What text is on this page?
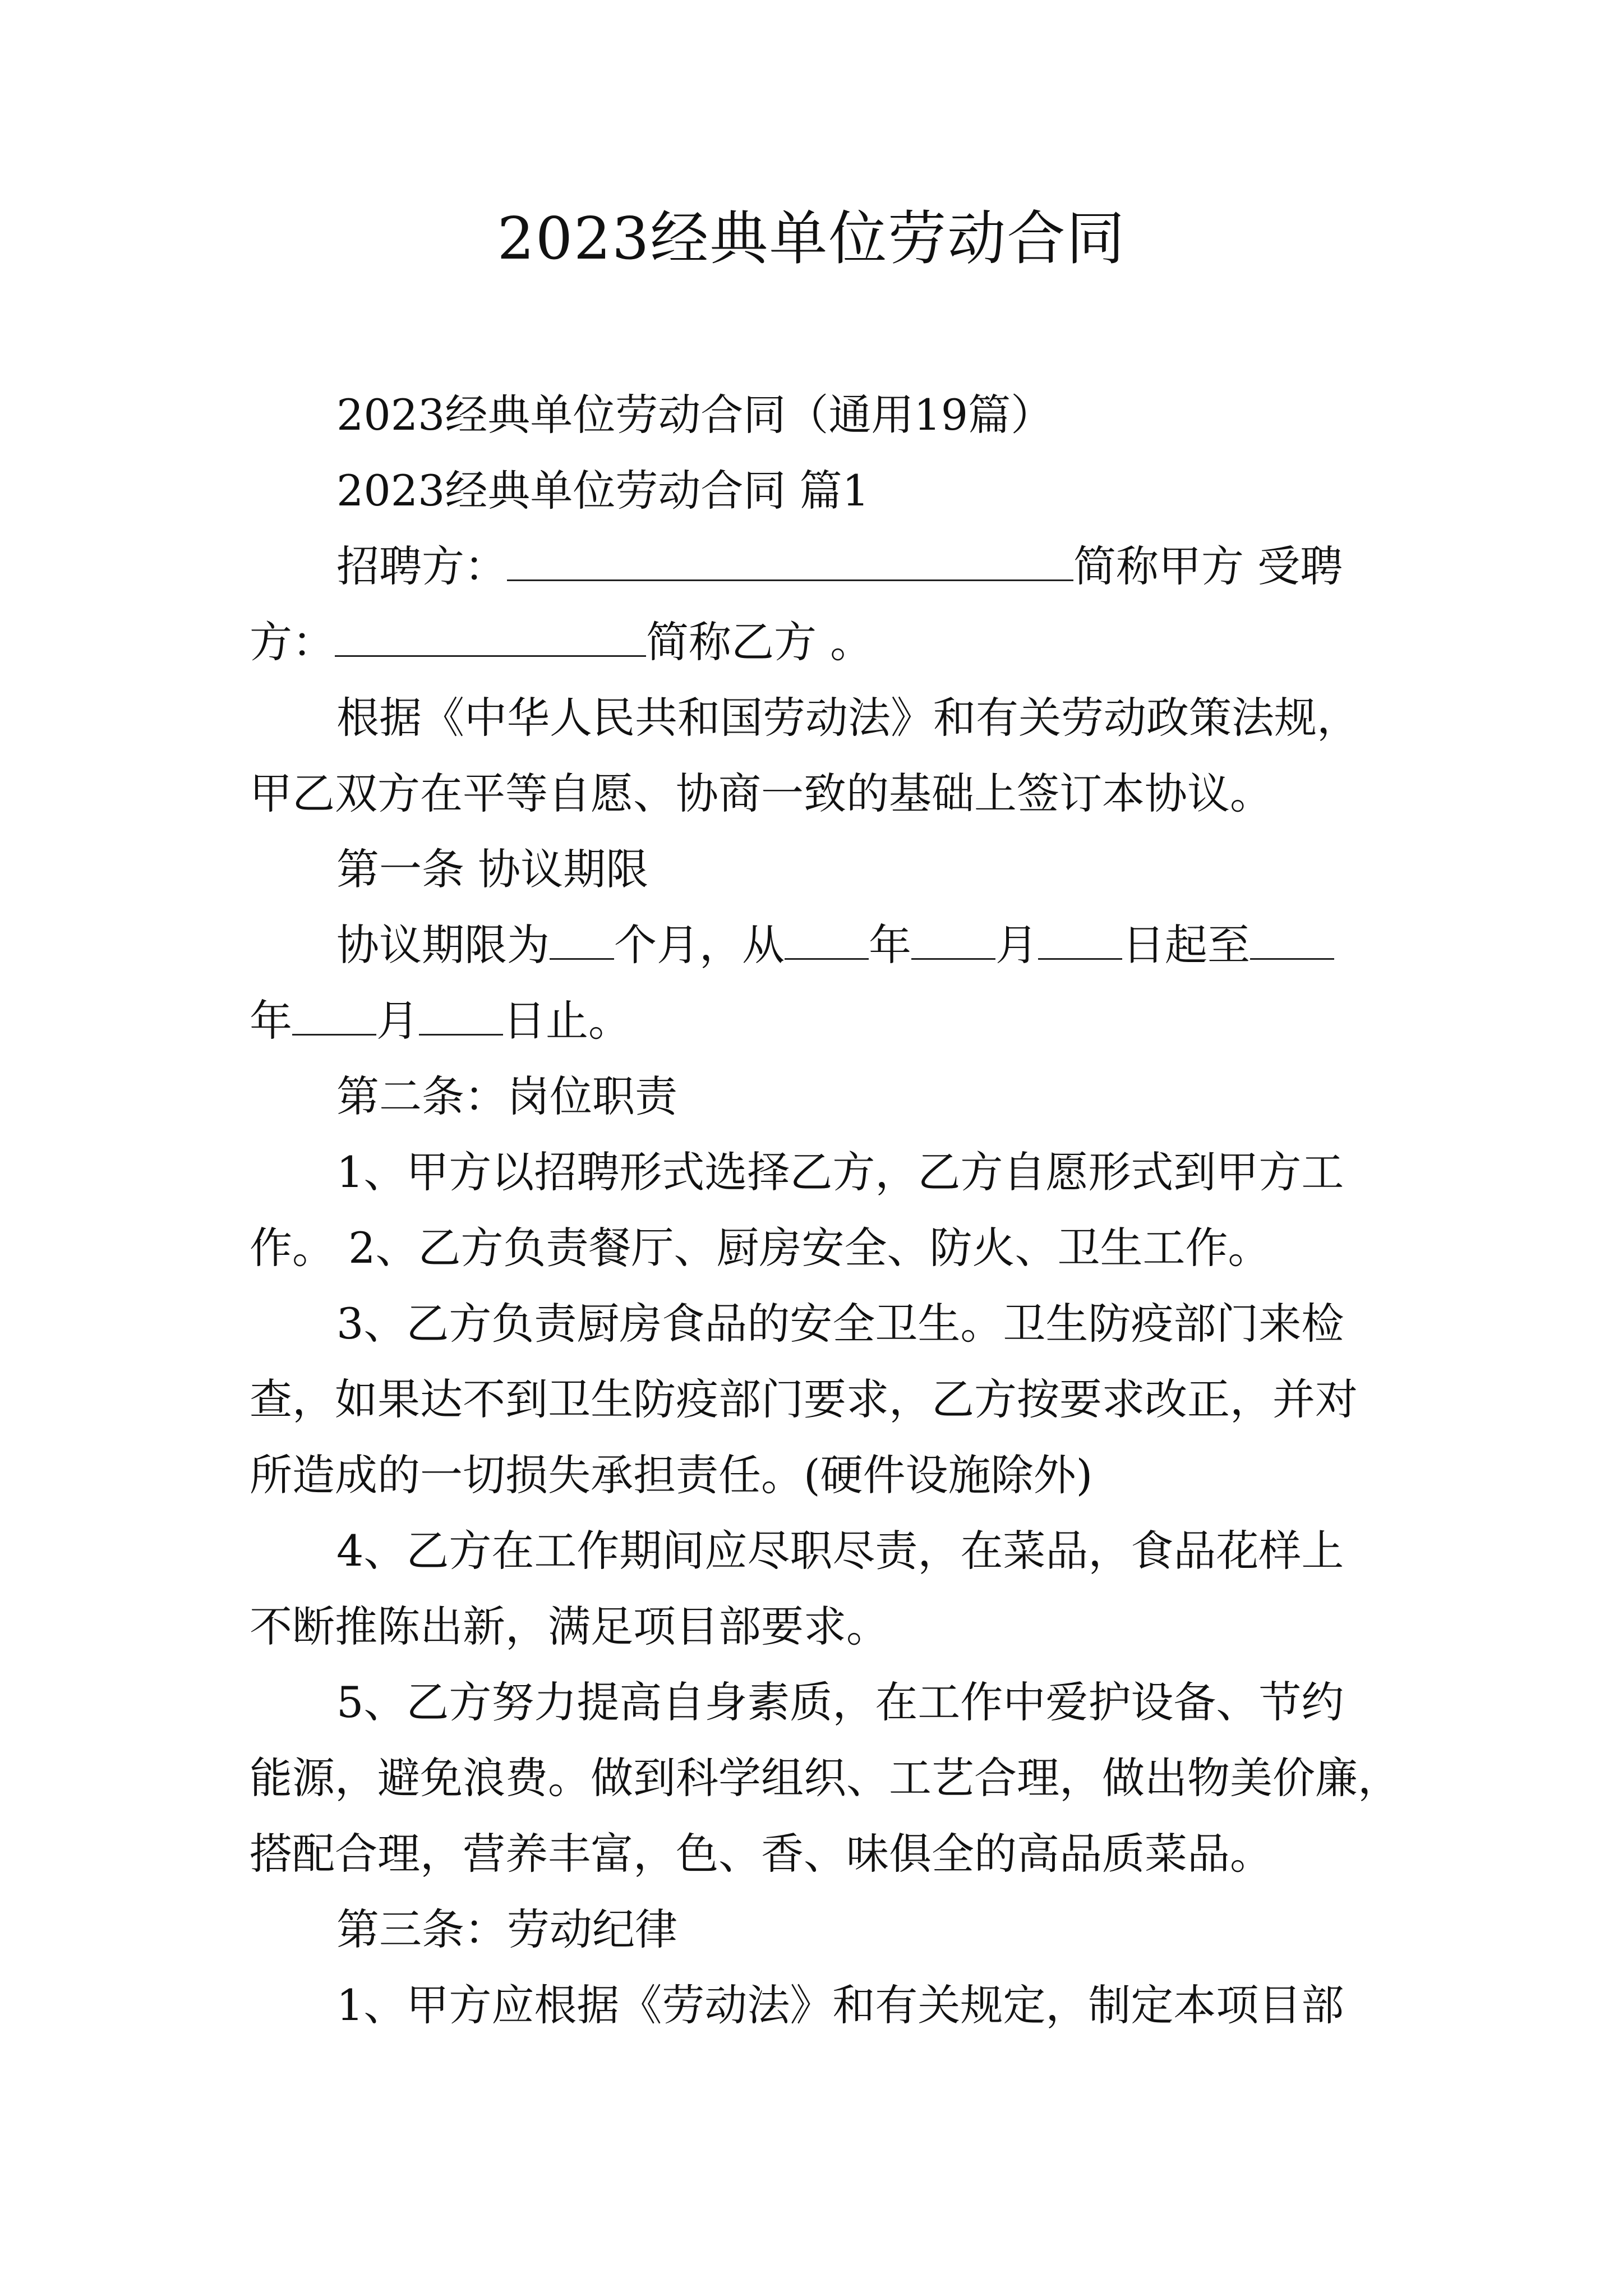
2023经典单位劳动合同
2023经典单位劳动合同（通用19篇）
2023经典单位劳动合同 篇1
招聘方：	简称甲方 受聘
方：	简称乙方 。
根据《中华人民共和国劳动法》和有关劳动政策法规，
甲乙双方在平等自愿、协商一致的基础上签订本协议。
第一条 协议期限
协议期限为 个月，从 年 月 日起至
年 月 日止。
第二条：岗位职责
1、甲方以招聘形式选择乙方，乙方自愿形式到甲方工
作。 2、乙方负责餐厅、厨房安全、防火、卫生工作。
3、乙方负责厨房食品的安全卫生。卫生防疫部门来检
查，如果达不到卫生防疫部门要求，乙方按要求改正，并对
所造成的一切损失承担责任。(硬件设施除外)
4、乙方在工作期间应尽职尽责，在菜品，食品花样上
不断推陈出新，满足项目部要求。
5、乙方努力提高自身素质，在工作中爱护设备、节约
能源，避免浪费。做到科学组织、工艺合理，做出物美价廉，
搭配合理，营养丰富，色、香、味俱全的高品质菜品。
第三条：劳动纪律
1、甲方应根据《劳动法》和有关规定，制定本项目部
